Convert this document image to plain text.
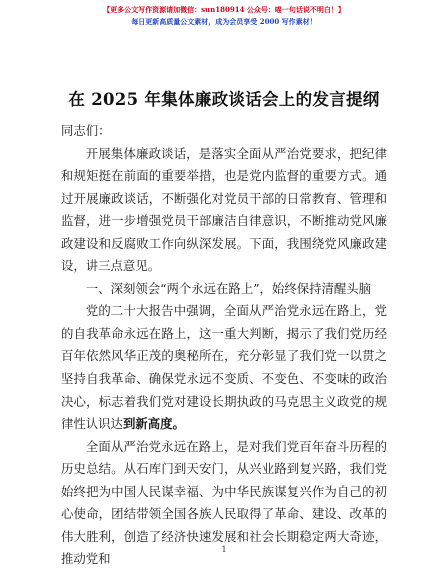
【更多公文写作资源请加微信：sun180914 公众号：喵一句话说不明白！】
每日更新高质量公文素材，成为会员享受 2000 写作素材！
在 2025 年集体廉政谈话会上的发言提纲

同志们：

开展集体廉政谈话，是落实全面从严治党要求，把纪律和规矩挺在前面的重要举措，也是党内监督的重要方式。通过开展廉政谈话，不断强化对党员干部的日常教育、管理和监督，进一步增强党员干部廉洁自律意识，不断推动党风廉政建设和反腐败工作向纵深发展。下面，我围绕党风廉政建设，讲三点意见。

一、深刻领会“两个永远在路上”，始终保持清醒头脑

党的二十大报告中强调，全面从严治党永远在路上，党的自我革命永远在路上，这一重大判断，揭示了我们党历经百年依然风华正茂的奥秘所在，充分彰显了我们党一以贯之坚持自我革命、确保党永远不变质、不变色、不变味的政治决心，标志着我们党对建设长期执政的马克思主义政党的规律性认识达到新高度。

全面从严治党永远在路上，是对我们党百年奋斗历程的历史总结。从石库门到天安门，从兴业路到复兴路，我们党始终把为中国人民谋幸福、为中华民族谋复兴作为自己的初心使命，团结带领全国各族人民取得了革命、建设、改革的伟大胜利，创造了经济快速发展和社会长期稳定两大奇迹，推动党和

1
